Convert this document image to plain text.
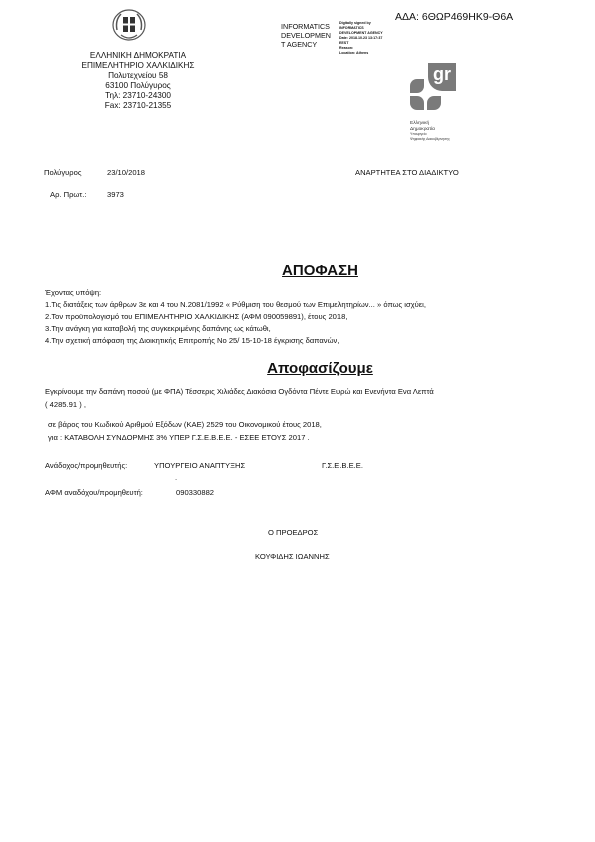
ΑΔΑ: 6ΘΩΡ469ΗΚ9-Θ6Α
ΕΛΛΗΝΙΚΗ ΔΗΜΟΚΡΑΤΙΑ
ΕΠΙΜΕΛΗΤΗΡΙΟ ΧΑΛΚΙΔΙΚΗΣ
Πολυτεχνείου 58
63100 Πολύγυρος
Τηλ: 23710-24300
Fax: 23710-21355
INFORMATICS
DEVELOPMEN
T AGENCY
Digitally signed by
INFORMATICS
DEVELOPMENT AGENCY
Date: 2018.10.23 13:17:37
EEST
Reason:
Location: Athens
gr
Ελληνική
Δημοκρατία
Υπουργείο
Ψηφιακής Διακυβέρνησης
Πολύγυρος	23/10/2018	ΑΝΑΡΤΗΤΕΑ ΣΤΟ ΔΙΑΔΙΚΤΥΟ
Αρ. Πρωτ.:	3973
ΑΠΟΦΑΣΗ
Έχοντας υπόψη:
1.Τις διατάξεις των άρθρων 3ε και 4 του Ν.2081/1992 « Ρύθμιση του θεσμού των Επιμελητηρίων... » όπως ισχύει,
2.Τον προϋπολογισμό του ΕΠΙΜΕΛΗΤΗΡΙΟ ΧΑΛΚΙΔΙΚΗΣ (ΑΦΜ 090059891), έτους 2018,
3.Την ανάγκη για καταβολή της συγκεκριμένης δαπάνης ως κάτωθι,
4.Την σχετική απόφαση της Διοικητικής Επιτροπής Νο 25/ 15-10-18 έγκρισης δαπανών,
Αποφασίζουμε
Εγκρίνουμε την δαπάνη ποσού (με ΦΠΑ) Τέσσερις Χιλιάδες Διακόσια Ογδόντα Πέντε Ευρώ και Ενενήντα Ενα Λεπτά
( 4285.91 ) ,
σε βάρος του Κωδικού Αριθμού Εξόδων (ΚΑΕ) 2529 του Οικονομικού έτους 2018,
για : ΚΑΤΑΒΟΛΗ ΣΥΝΔΟΡΜΗΣ 3% ΥΠΕΡ Γ.Σ.Ε.Β.Ε.Ε. - ΕΣΕΕ ΕΤΟΥΣ 2017 .
Ανάδοχος/προμηθευτής:	ΥΠΟΥΡΓΕΙΟ ΑΝΑΠΤΥΞΗΣ	Γ.Σ.Ε.Β.Ε.Ε.
.
ΑΦΜ αναδόχου/προμηθευτή:	090330882
Ο ΠΡΟΕΔΡΟΣ
ΚΟΥΦΙΔΗΣ ΙΩΑΝΝΗΣ
